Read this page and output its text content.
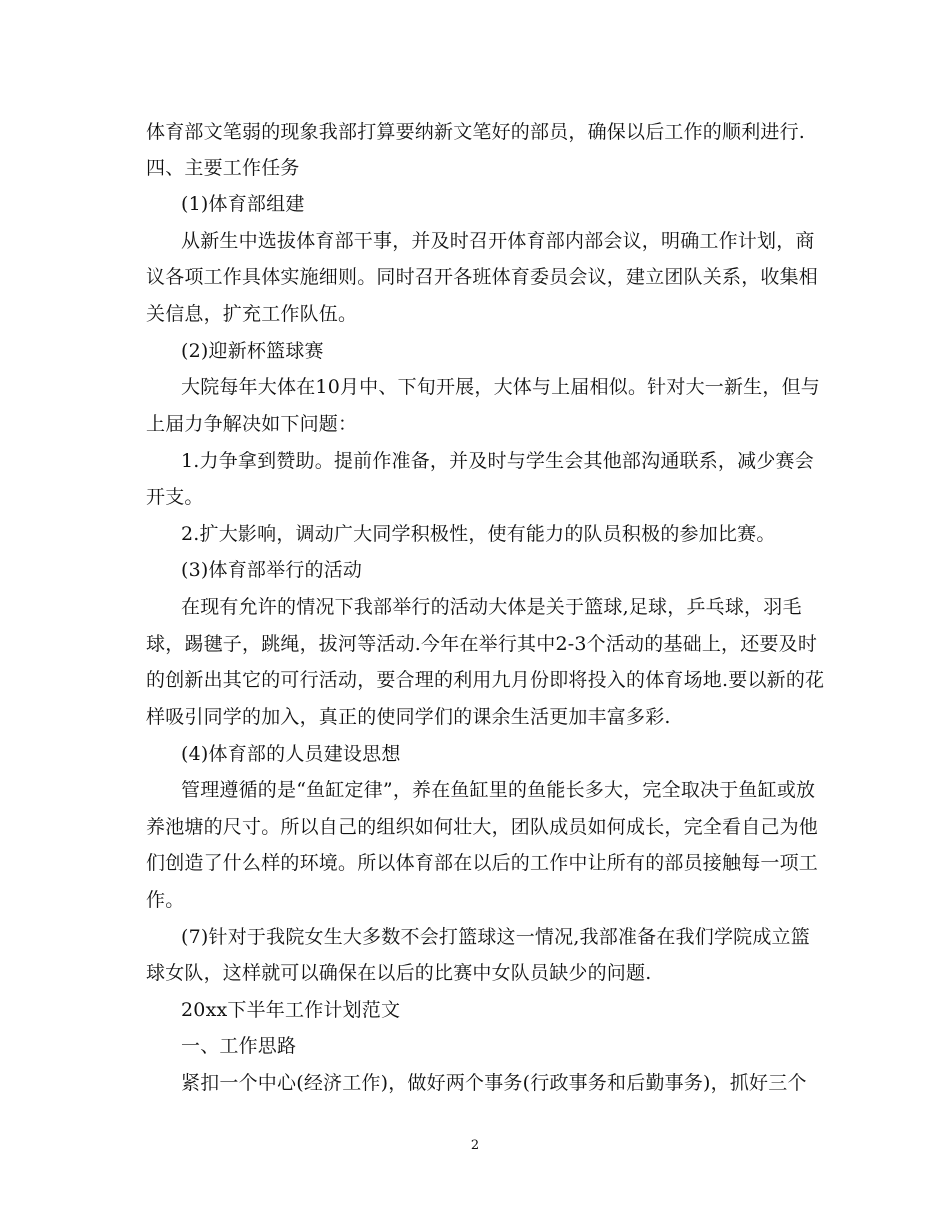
体育部文笔弱的现象我部打算要纳新文笔好的部员，确保以后工作的顺利进行.
四、主要工作任务
(1)体育部组建
从新生中选拔体育部干事，并及时召开体育部内部会议，明确工作计划，商
议各项工作具体实施细则。同时召开各班体育委员会议，建立团队关系，收集相
关信息，扩充工作队伍。
(2)迎新杯篮球赛
大院每年大体在10月中、下旬开展，大体与上届相似。针对大一新生，但与
上届力争解决如下问题：
1.力争拿到赞助。提前作准备，并及时与学生会其他部沟通联系，减少赛会
开支。
2.扩大影响，调动广大同学积极性，使有能力的队员积极的参加比赛。
(3)体育部举行的活动
在现有允许的情况下我部举行的活动大体是关于篮球,足球，乒乓球，羽毛
球，踢毽子，跳绳，拔河等活动.今年在举行其中2-3个活动的基础上，还要及时
的创新出其它的可行活动，要合理的利用九月份即将投入的体育场地.要以新的花
样吸引同学的加入，真正的使同学们的课余生活更加丰富多彩.
(4)体育部的人员建设思想
管理遵循的是“鱼缸定律”，养在鱼缸里的鱼能长多大，完全取决于鱼缸或放
养池塘的尺寸。所以自己的组织如何壮大，团队成员如何成长，完全看自己为他
们创造了什么样的环境。所以体育部在以后的工作中让所有的部员接触每一项工
作。
(7)针对于我院女生大多数不会打篮球这一情况,我部准备在我们学院成立篮
球女队，这样就可以确保在以后的比赛中女队员缺少的问题.
20xx下半年工作计划范文
一、工作思路
紧扣一个中心(经济工作)，做好两个事务(行政事务和后勤事务)，抓好三个
2
